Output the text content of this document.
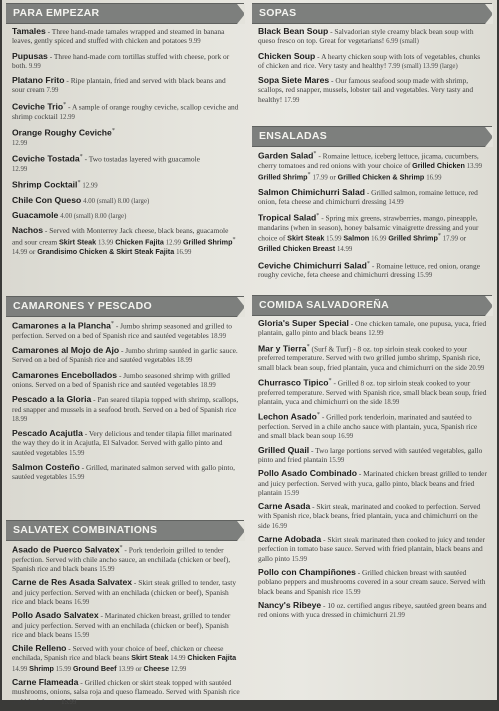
PARA EMPEZAR
Tamales - Three hand-made tamales wrapped and steamed in banana leaves, gently spiced and stuffed with chicken and potatoes 9.99
Pupusas - Three hand-made corn tortillas stuffed with cheese, pork or both. 9.99
Platano Frito - Ripe plantain, fried and served with black beans and sour cream 7.99
Ceviche Trio* - A sample of orange roughy ceviche, scallop ceviche and shrimp cocktail 12.99
Orange Roughy Ceviche*
12.99
Ceviche Tostada* - Two tostadas layered with guacamole
12.99
Shrimp Cocktail* 12.99
Chile Con Queso 4.00 (small) 8.00 (large)
Guacamole 4.00 (small) 8.00 (large)
Nachos - Served with Monterrey Jack cheese, black beans, guacamole and sour cream Skirt Steak 13.99 Chicken Fajita 12.99 Grilled Shrimp* 14.99 or Grandisimo Chicken & Skirt Steak Fajita 16.99
CAMARONES Y PESCADO
Camarones a la Plancha* - Jumbo shrimp seasoned and grilled to perfection. Served on a bed of Spanish rice and sautéed vegetables 18.99
Camarones al Mojo de Ajo - Jumbo shrimp sautéed in garlic sauce. Served on a bed of Spanish rice and sautéed vegetables 18.99
Camarones Encebollados - Jumbo seasoned shrimp with grilled onions. Served on a bed of Spanish rice and sautéed vegetables 18.99
Pescado a la Gloria - Pan seared tilapia topped with shrimp, scallops, red snapper and mussels in a seafood broth. Served on a bed of Spanish rice 18.99
Pescado Acajutla - Very delicious and tender tilapia fillet marinated the way they do it in Acajutla, El Salvador. Served with gallo pinto and sautéed vegetables 15.99
Salmon Costeño - Grilled, marinated salmon served with gallo pinto, sautéed vegetables 15.99
SALVATEX COMBINATIONS
Asado de Puerco Salvatex* - Pork tenderloin grilled to tender perfection. Served with chile ancho sauce, an enchilada (chicken or beef), Spanish rice and black beans 15.99
Carne de Res Asada Salvatex - Skirt steak grilled to tender, tasty and juicy perfection. Served with an enchilada (chicken or beef), Spanish rice and black beans 16.99
Pollo Asado Salvatex - Marinated chicken breast, grilled to tender and juicy perfection. Served with an enchilada (chicken or beef), Spanish rice and black beans 15.99
Chile Relleno - Served with your choice of beef, chicken or cheese enchilada, Spanish rice and black beans Skirt Steak 14.99 Chicken Fajita 14.99 Shrimp 15.99 Ground Beef 13.99 or Cheese 12.99
Carne Flameada - Grilled chicken or skirt steak topped with sautéed mushrooms, onions, salsa roja and queso flameado. Served with Spanish rice and black beans 15.99
SOPAS
Black Bean Soup - Salvadorian style creamy black bean soup with queso fresco on top. Great for vegetarians! 6.99 (small)
Chicken Soup - A hearty chicken soup with lots of vegetables, chunks of chicken and rice. Very tasty and healthy! 7.99 (small) 13.99 (large)
Sopa Siete Mares - Our famous seafood soup made with shrimp, scallops, red snapper, mussels, lobster tail and vegetables. Very tasty and healthy! 17.99
ENSALADAS
Garden Salad* - Romaine lettuce, iceberg lettuce, jicama, cucumbers, cherry tomatoes and red onions with your choice of Grilled Chicken 13.99 Grilled Shrimp* 17.99 or Grilled Chicken & Shrimp 16.99
Salmon Chimichurri Salad - Grilled salmon, romaine lettuce, red onion, feta cheese and chimichurri dressing 14.99
Tropical Salad* - Spring mix greens, strawberries, mango, pineapple, mandarins (when in season), honey balsamic vinaigrette dressing and your choice of Skirt Steak 15.99 Salmon 16.99 Grilled Shrimp* 17.99 or Grilled Chicken Breast 14.99
Ceviche Chimichurri Salad* - Romaine lettuce, red onion, orange roughy ceviche, feta cheese and chimichurri dressing 15.99
COMIDA SALVADOREÑA
Gloria's Super Special - One chicken tamale, one pupusa, yuca, fried plantain, gallo pinto and black beans 12.99
Mar y Tierra* (Surf & Turf) - 8 oz. top sirloin steak cooked to your preferred temperature. Served with two grilled jumbo shrimp, Spanish rice, small black bean soup, fried plantain, yuca and chimichurri on the side 20.99
Churrasco Tipico* - Grilled 8 oz. top sirloin steak cooked to your preferred temperature. Served with Spanish rice, small black bean soup, fried plantain, yuca and chimichurri on the side 18.99
Lechon Asado* - Grilled pork tenderloin, marinated and sautéed to perfection. Served in a chile ancho sauce with plantain, yuca, Spanish rice and small black bean soup 16.99
Grilled Quail - Two large portions served with sautéed vegetables, gallo pinto and fried plantain 15.99
Pollo Asado Combinado - Marinated chicken breast grilled to tender and juicy perfection. Served with yuca, gallo pinto, black beans and fried plantain 15.99
Carne Asada - Skirt steak, marinated and cooked to perfection. Served with Spanish rice, black beans, fried plantain, yuca and chimichurri on the side 16.99
Carne Adobada - Skirt steak marinated then cooked to juicy and tender perfection in tomato base sauce. Served with fried plantain, black beans and gallo pinto 15.99
Pollo con Champiñones - Grilled chicken breast with sautéed poblano peppers and mushrooms covered in a sour cream sauce. Served with black beans and Spanish rice 15.99
Nancy's Ribeye - 10 oz. certified angus ribeye, sautéed green beans and red onions with yuca dressed in chimichurri 21.99
